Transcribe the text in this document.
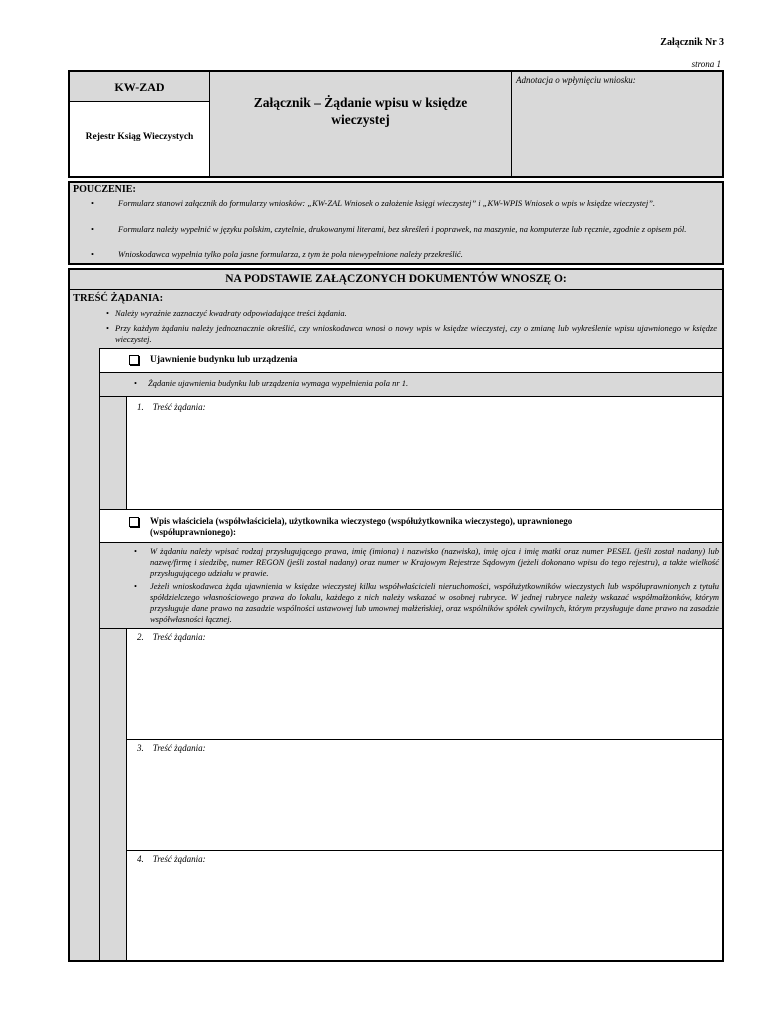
Załącznik Nr 3
strona 1
KW-ZAD
Rejestr Ksiąg Wieczystych
Załącznik – Żądanie wpisu w księdze
wieczystej
Adnotacja o wpłynięciu wniosku:
POUCZENIE:
•	Formularz stanowi załącznik do formularzy wniosków: „KW-ZAL Wniosek o założenie księgi wieczystej” i „KW-WPIS Wniosek o wpis w księdze wieczystej”.
•	Formularz należy wypełnić w języku polskim, czytelnie, drukowanymi literami, bez skreśleń i poprawek, na maszynie, na komputerze lub ręcznie, zgodnie z opisem pól.
•	Wnioskodawca wypełnia tylko pola jasne formularza, z tym że pola niewypełnione należy przekreślić.
NA PODSTAWIE ZAŁĄCZONYCH DOKUMENTÓW WNOSZĘ O:
TREŚĆ ŻĄDANIA:
• Należy wyraźnie zaznaczyć kwadraty odpowiadające treści żądania.
• Przy każdym żądaniu należy jednoznacznie określić, czy wnioskodawca wnosi o nowy wpis w księdze wieczystej, czy o zmianę lub wykreślenie wpisu ujawnionego w księdze wieczystej.
Ujawnienie budynku lub urządzenia
• Żądanie ujawnienia budynku lub urządzenia wymaga wypełnienia pola nr 1.
1.    Treść żądania:
Wpis właściciela (współwłaściciela), użytkownika wieczystego (współużytkownika wieczystego), uprawnionego
(współuprawnionego):
• W żądaniu należy wpisać rodzaj przysługującego prawa, imię (imiona) i nazwisko (nazwiska), imię ojca i imię matki oraz numer PESEL (jeśli został nadany) lub nazwę/firmę i siedzibę, numer REGON (jeśli został nadany) oraz numer w Krajowym Rejestrze Sądowym (jeżeli dokonano wpisu do tego rejestru), a także wielkość przysługującego udziału w prawie.
• Jeżeli wnioskodawca żąda ujawnienia w księdze wieczystej kilku współwłaścicieli nieruchomości, współużytkowników wieczystych lub współuprawnionych z tytułu spółdzielczego własnościowego prawa do lokalu, każdego z nich należy wskazać w osobnej rubryce. W jednej rubryce należy wskazać współmałżonków, którym przysługuje dane prawo na zasadzie wspólności ustawowej lub umownej małżeńskiej, oraz wspólników spółek cywilnych, którym przysługuje dane prawo na zasadzie współwłasności łącznej.
2.    Treść żądania:
3.    Treść żądania:
4.    Treść żądania:
